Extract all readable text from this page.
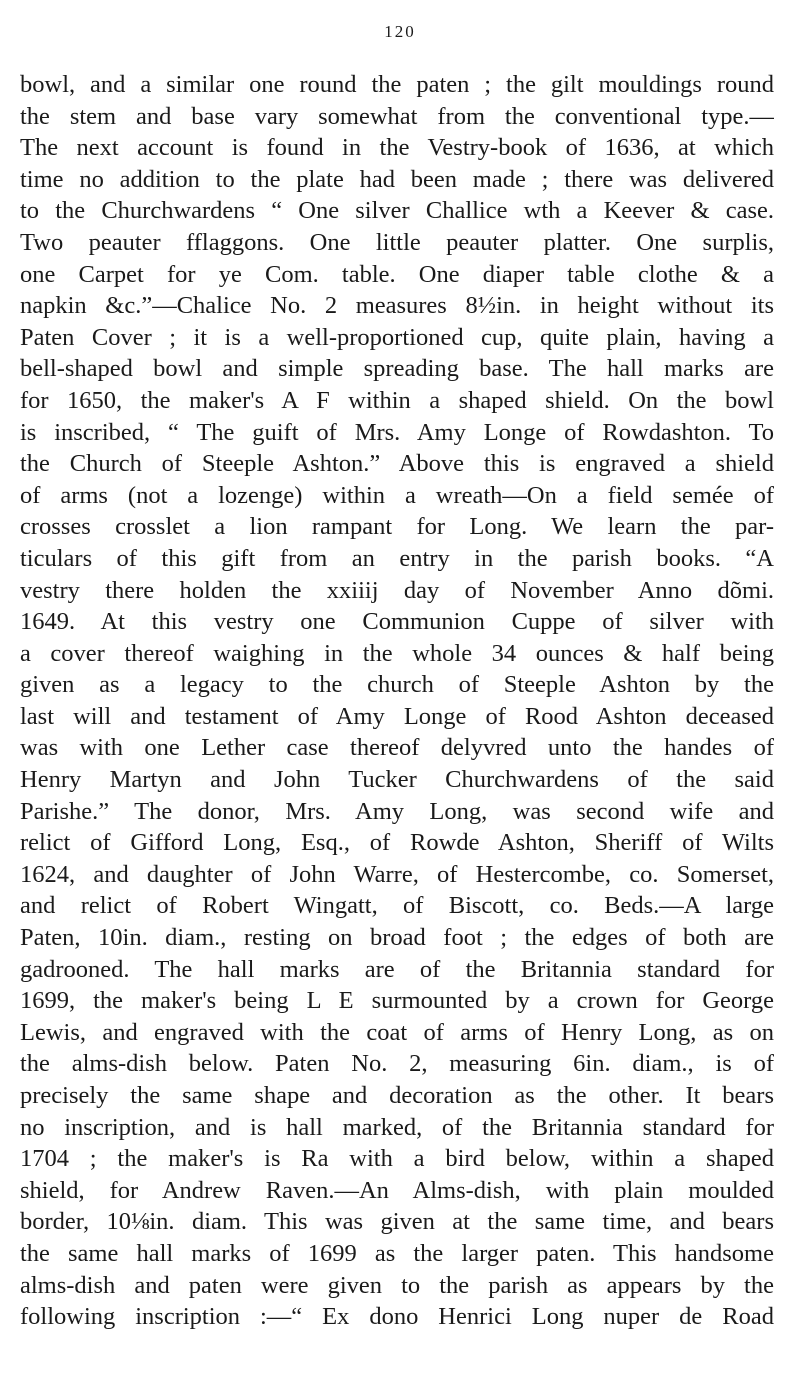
120
bowl, and a similar one round the paten ; the gilt mouldings round
the stem and base vary somewhat from the conventional type.—
The next account is found in the Vestry-book of 1636, at which
time no addition to the plate had been made ; there was delivered
to the Churchwardens “ One silver Challice wth a Keever & case.
Two peauter fflaggons. One little peauter platter. One surplis,
one Carpet for ye Com. table. One diaper table clothe & a
napkin &c.”—Chalice No. 2 measures 8½in. in height without its
Paten Cover ; it is a well-proportioned cup, quite plain, having a
bell-shaped bowl and simple spreading base. The hall marks are
for 1650, the maker's A F within a shaped shield. On the bowl
is inscribed, “ The guift of Mrs. Amy Longe of Rowdashton. To
the Church of Steeple Ashton.” Above this is engraved a shield
of arms (not a lozenge) within a wreath—On a field semée of
crosses crosslet a lion rampant for Long. We learn the par-
ticulars of this gift from an entry in the parish books. “A
vestry there holden the xxiiij day of November Anno dõmi.
1649. At this vestry one Communion Cuppe of silver with
a cover thereof waighing in the whole 34 ounces & half being
given as a legacy to the church of Steeple Ashton by the
last will and testament of Amy Longe of Rood Ashton deceased
was with one Lether case thereof delyvred unto the handes of
Henry Martyn and John Tucker Churchwardens of the said
Parishe.” The donor, Mrs. Amy Long, was second wife and
relict of Gifford Long, Esq., of Rowde Ashton, Sheriff of Wilts
1624, and daughter of John Warre, of Hestercombe, co. Somerset,
and relict of Robert Wingatt, of Biscott, co. Beds.—A large
Paten, 10in. diam., resting on broad foot ; the edges of both are
gadrooned. The hall marks are of the Britannia standard for
1699, the maker's being L E surmounted by a crown for George
Lewis, and engraved with the coat of arms of Henry Long, as on
the alms-dish below. Paten No. 2, measuring 6in. diam., is of
precisely the same shape and decoration as the other. It bears
no inscription, and is hall marked, of the Britannia standard for
1704 ; the maker's is Ra with a bird below, within a shaped
shield, for Andrew Raven.—An Alms-dish, with plain moulded
border, 10⅛in. diam. This was given at the same time, and bears
the same hall marks of 1699 as the larger paten. This handsome
alms-dish and paten were given to the parish as appears by the
following inscription :—“ Ex dono Henrici Long nuper de Road
